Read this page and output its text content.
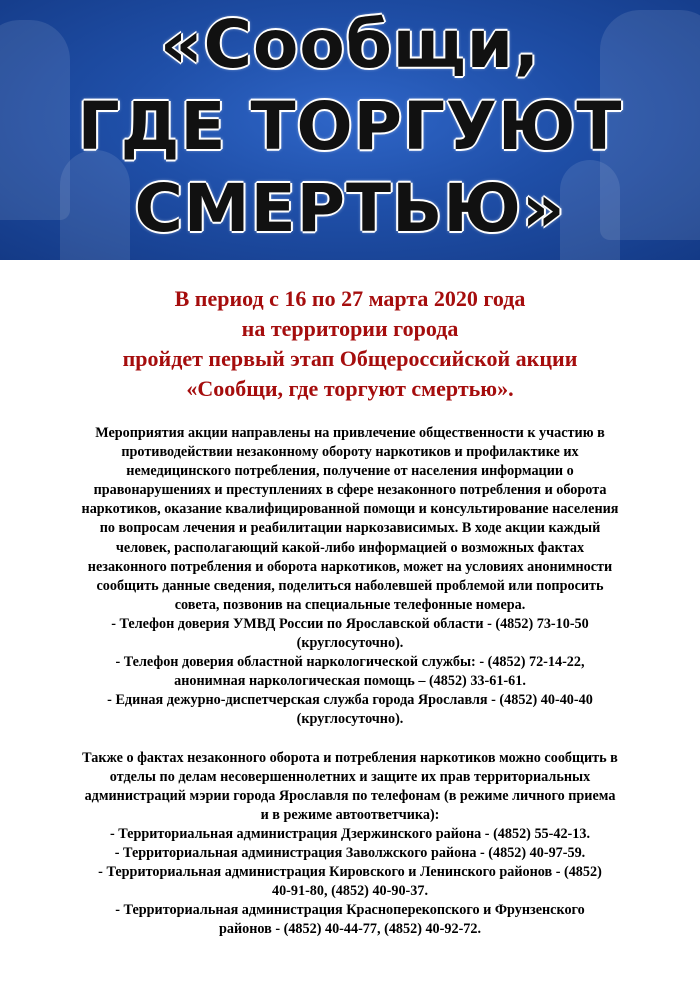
«Сообщи,
ГДЕ ТОРГУЮТ
СМЕРТЬЮ»
В период с 16 по 27 марта 2020 года
на территории города
пройдет первый этап Общероссийской акции
«Сообщи, где торгуют смертью».

Мероприятия акции направлены на привлечение общественности к участию в

противодействии незаконному обороту наркотиков и профилактике их

немедицинского потребления, получение от населения информации о

правонарушениях и преступлениях в сфере незаконного потребления и оборота

наркотиков, оказание квалифицированной помощи и консультирование населения

по вопросам лечения и реабилитации наркозависимых. В ходе акции каждый

человек, располагающий какой-либо информацией о возможных фактах

незаконного потребления и оборота наркотиков, может на условиях анонимности

сообщить данные сведения, поделиться наболевшей проблемой или попросить

совета, позвонив на специальные телефонные номера.

- Телефон доверия УМВД России по Ярославской области - (4852) 73-10-50

(круглосуточно).

- Телефон доверия областной наркологической службы: - (4852) 72-14-22,

анонимная наркологическая помощь – (4852) 33-61-61.

- Единая дежурно-диспетчерская служба города Ярославля - (4852) 40-40-40

(круглосуточно).

Также о фактах незаконного оборота и потребления наркотиков можно сообщить в

отделы по делам несовершеннолетних и защите их прав территориальных

администраций мэрии города Ярославля по телефонам (в режиме личного приема

и в режиме автоответчика):

- Территориальная администрация Дзержинского района - (4852) 55-42-13.

- Территориальная администрация Заволжского района - (4852) 40-97-59.

- Территориальная администрация Кировского и Ленинского районов - (4852)

40-91-80, (4852) 40-90-37.

- Территориальная администрация Красноперекопского и Фрунзенского

районов - (4852) 40-44-77, (4852) 40-92-72.
